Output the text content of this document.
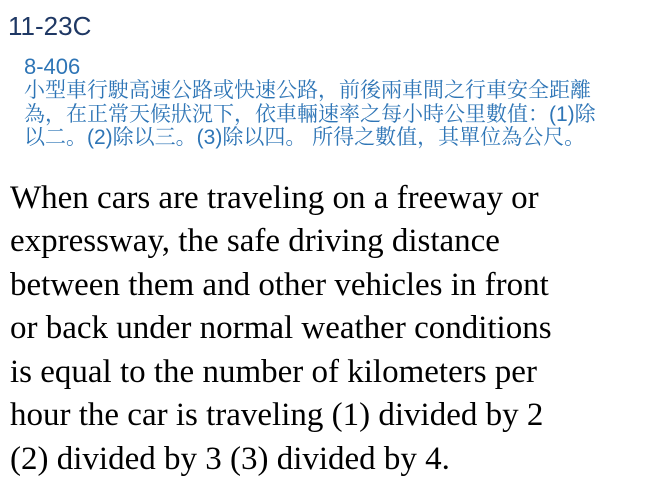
11-23C
8-406
小型車行駛高速公路或快速公路，前後兩車間之行車安全距離
為，在正常天候狀況下，依車輛速率之每小時公里數值：(1)除
以二。(2)除以三。(3)除以四。 所得之數值，其單位為公尺。
When cars are traveling on a freeway or
expressway, the safe driving distance
between them and other vehicles in front
or back under normal weather conditions
is equal to the number of kilometers per
hour the car is traveling (1) divided by 2
(2) divided by 3 (3) divided by 4.
